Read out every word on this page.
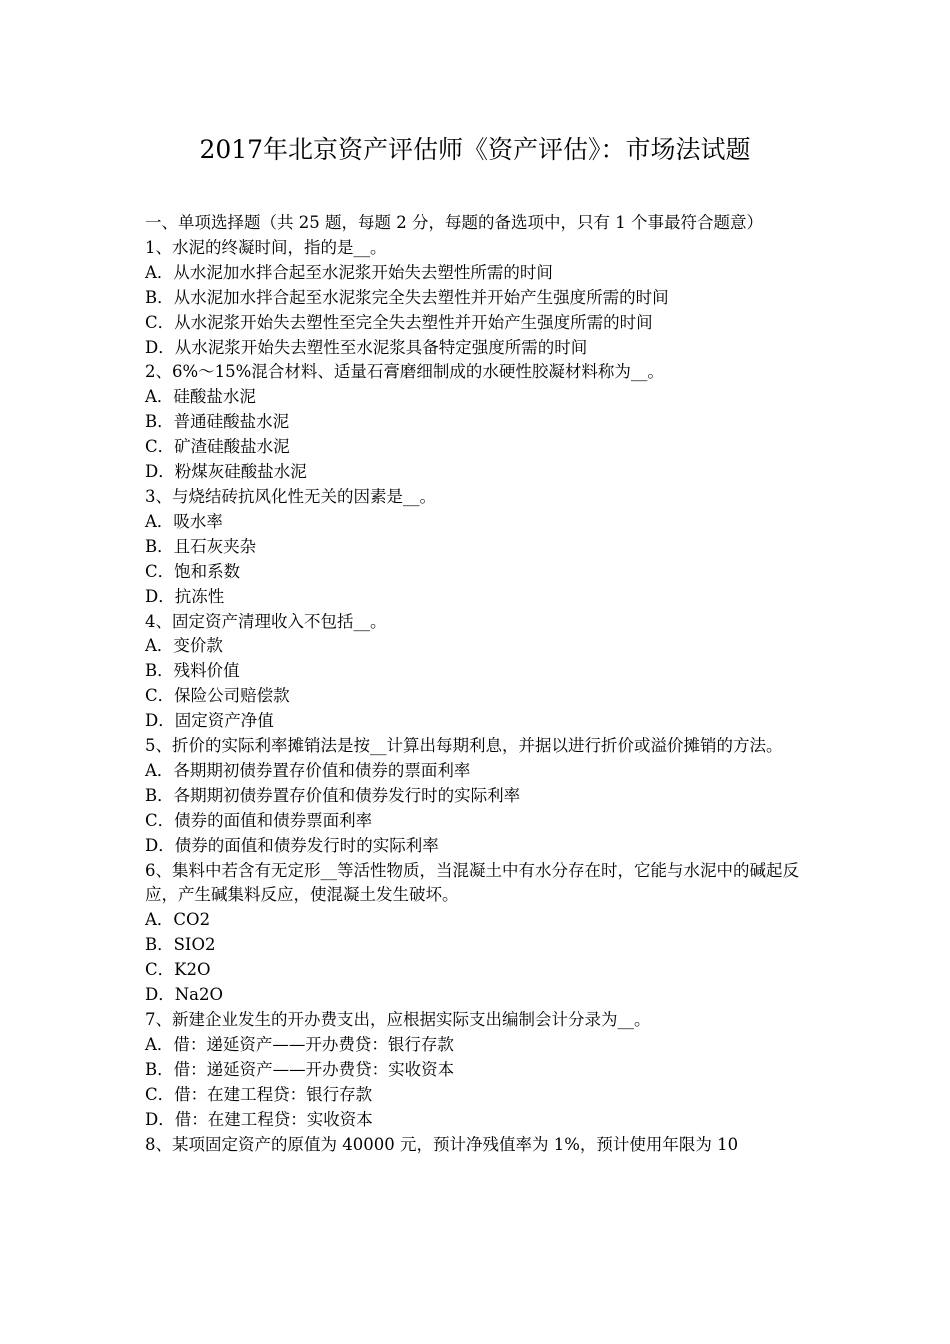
2017年北京资产评估师《资产评估》：市场法试题

一、单项选择题（共 25 题，每题 2 分，每题的备选项中，只有 1 个事最符合题意）

1、水泥的终凝时间，指的是__。

A．从水泥加水拌合起至水泥浆开始失去塑性所需的时间

B．从水泥加水拌合起至水泥浆完全失去塑性并开始产生强度所需的时间

C．从水泥浆开始失去塑性至完全失去塑性并开始产生强度所需的时间

D．从水泥浆开始失去塑性至水泥浆具备特定强度所需的时间

2、6%～15%混合材料、适量石膏磨细制成的水硬性胶凝材料称为__。

A．硅酸盐水泥

B．普通硅酸盐水泥

C．矿渣硅酸盐水泥

D．粉煤灰硅酸盐水泥

3、与烧结砖抗风化性无关的因素是__。

A．吸水率

B．且石灰夹杂

C．饱和系数

D．抗冻性

4、固定资产清理收入不包括__。

A．变价款

B．残料价值

C．保险公司赔偿款

D．固定资产净值

5、折价的实际利率摊销法是按__计算出每期利息，并据以进行折价或溢价摊销的方法。

A．各期期初债券置存价值和债券的票面利率

B．各期期初债券置存价值和债券发行时的实际利率

C．债券的面值和债券票面利率

D．债券的面值和债券发行时的实际利率

6、集料中若含有无定形__等活性物质，当混凝土中有水分存在时，它能与水泥中的碱起反应，产生碱集料反应，使混凝土发生破坏。

A．CO2

B．SIO2

C．K2O

D．Na2O

7、新建企业发生的开办费支出，应根据实际支出编制会计分录为__。

A．借：递延资产——开办费贷：银行存款

B．借：递延资产——开办费贷：实收资本

C．借：在建工程贷：银行存款

D．借：在建工程贷：实收资本

8、某项固定资产的原值为 40000 元，预计净残值率为 1%，预计使用年限为 10
